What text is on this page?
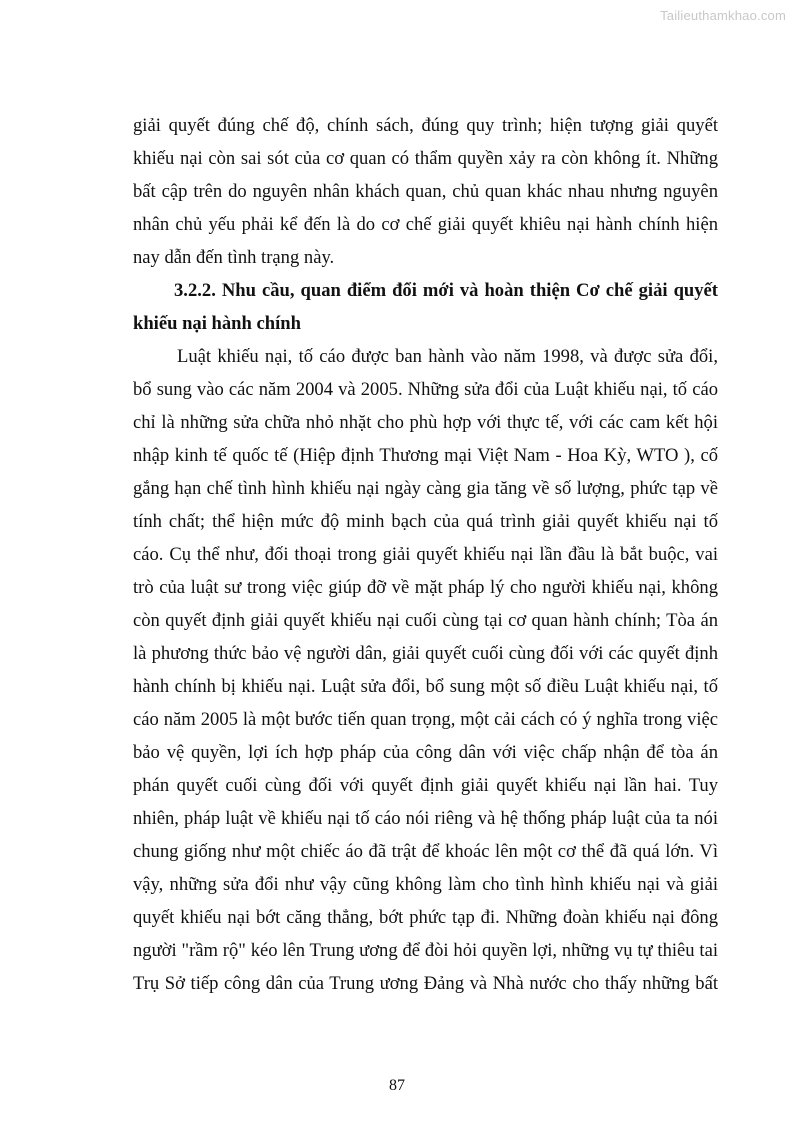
Tailieuthamkhao.com
giải quyết đúng chế độ, chính sách, đúng quy trình; hiện tượng giải quyết
khiếu nại còn sai sót của cơ quan có thẩm quyền xảy ra còn không ít. Những
bất cập trên do nguyên nhân khách quan, chủ quan khác nhau nhưng nguyên
nhân chủ yếu phải kể đến là do cơ chế giải quyết khiêu nại hành chính hiện
nay dẫn đến tình trạng này.
3.2.2. Nhu cầu, quan điểm đổi mới và hoàn thiện Cơ chế giải quyết
khiếu nại hành chính
Luật khiếu nại, tố cáo được ban hành vào năm 1998, và được sửa đổi,
bổ sung vào các năm 2004 và 2005. Những sửa đổi của Luật khiếu nại, tố cáo
chỉ là những sửa chữa nhỏ nhặt cho phù hợp với thực tế, với các cam kết hội
nhập kinh tế quốc tế (Hiệp định Thương mại Việt Nam - Hoa Kỳ, WTO ), cố
gắng hạn chế tình hình khiếu nại ngày càng gia tăng về số lượng, phức tạp về
tính chất; thể hiện mức độ minh bạch của quá trình giải quyết khiếu nại tố
cáo. Cụ thể như, đối thoại trong giải quyết khiếu nại lần đầu là bắt buộc, vai
trò của luật sư trong việc giúp đỡ về mặt pháp lý cho người khiếu nại, không
còn quyết định giải quyết khiếu nại cuối cùng tại cơ quan hành chính; Tòa án
là phương thức bảo vệ người dân, giải quyết cuối cùng đối với các quyết định
hành chính bị khiếu nại. Luật sửa đổi, bổ sung một số điều Luật khiếu nại, tố
cáo năm 2005 là một bước tiến quan trọng, một cải cách có ý nghĩa trong việc
bảo vệ quyền, lợi ích hợp pháp của công dân với việc chấp nhận để tòa án
phán quyết cuối cùng đối với quyết định giải quyết khiếu nại lần hai. Tuy
nhiên, pháp luật về khiếu nại tố cáo nói riêng và hệ thống pháp luật của ta nói
chung giống như một chiếc áo đã trật để khoác lên một cơ thể đã quá lớn. Vì
vậy, những sửa đổi như vậy cũng không làm cho tình hình khiếu nại và giải
quyết khiếu nại bớt căng thẳng, bớt phức tạp đi. Những đoàn khiếu nại đông
người "rầm rộ" kéo lên Trung ương để đòi hỏi quyền lợi, những vụ tự thiêu tai
Trụ Sở tiếp công dân của Trung ương Đảng và Nhà nước cho thấy những bất
87
